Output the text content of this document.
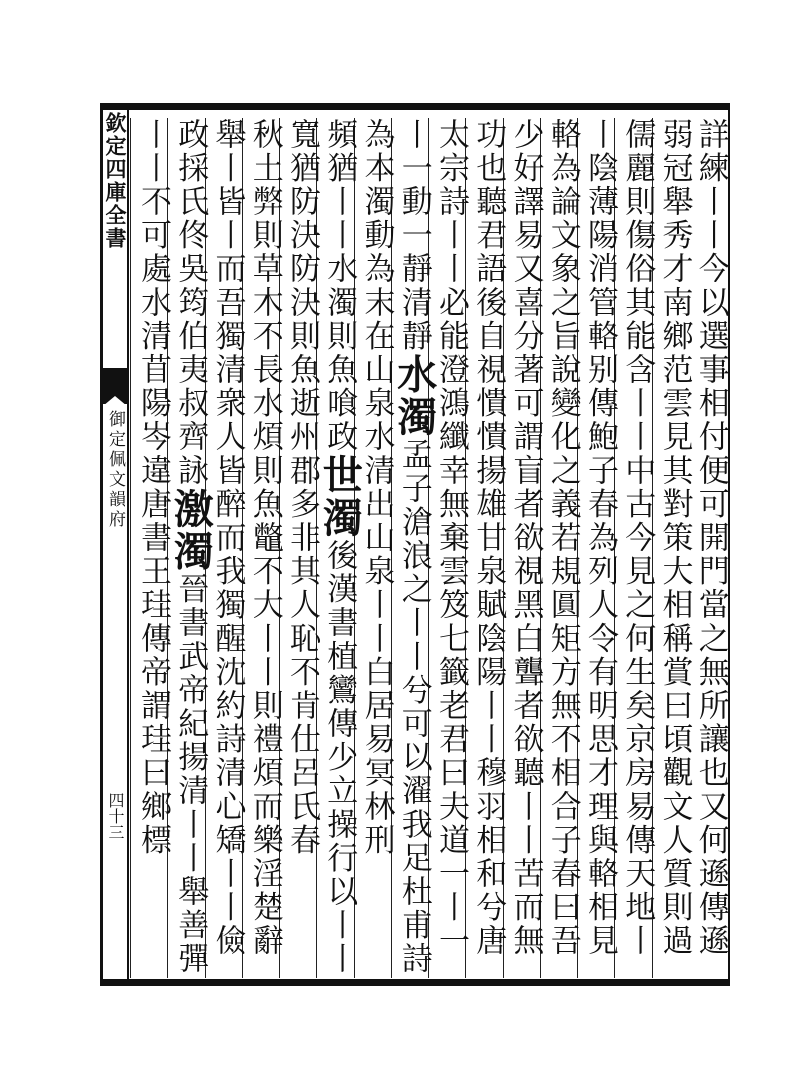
欽定四庫全書
御定佩文韻府
四十三	詳練丨丨今以選事相付便可開門當之無所讓也又何遜傳遜
弱冠舉秀才南鄉范雲見其對策大相稱賞曰頃觀文人質則過
儒麗則傷俗其能含丨丨中古今見之何生矣京房易傳天地丨
丨陰薄陽消管輅别傳鮑子春為列人令有明思才理與輅相見
輅為論文象之旨說變化之義若規圓矩方無不相合子春曰吾
少好譯易又喜分著可謂盲者欲視黑白聾者欲聽丨丨苦而無
功也聽君語後自視憒憒揚雄甘泉賦陰陽丨丨穆羽相和兮唐
太宗詩丨丨必能澄鴻纖幸無棄雲笈七籤老君曰夫道一丨一
丨一動一靜清靜水濁孟子滄浪之丨丨兮可以濯我足杜甫詩
為本濁動為末在山泉水清出山泉丨丨白居易冥林刑
頻猶丨丨水濁則魚喰政世濁後漢書植鸞傳少立操行以丨丨
寬猶防決防決則魚逝州郡多非其人恥不肯仕呂氏春
秋土弊則草木不長水煩則魚鼈不大丨丨則禮煩而樂淫楚辭
舉丨皆丨而吾獨清衆人皆醉而我獨醒沈約詩清心矯丨丨儉
政採氏佟吳筠伯夷叔齊詠激濁晉書武帝紀揚清丨丨舉善彈
丨丨不可處水清苜陽岑違唐書王珪傳帝謂珪曰鄉標
